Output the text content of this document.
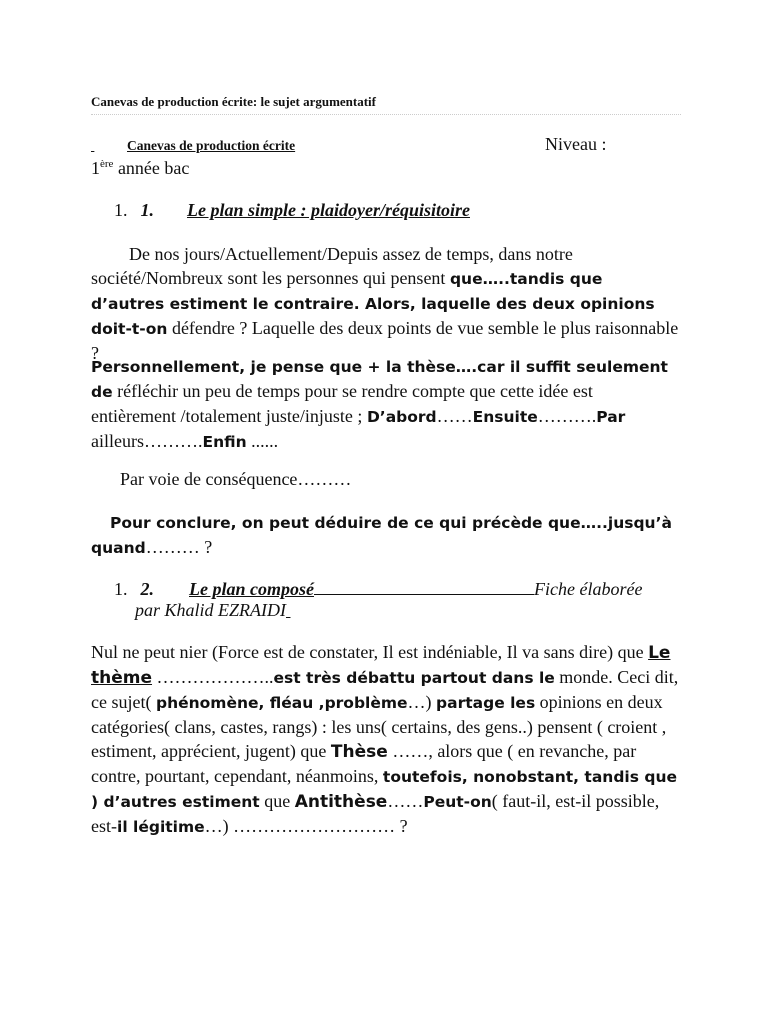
Canevas de production écrite: le sujet argumentatif
Canevas de production écrite	Niveau :
1ère année bac
1. 1. Le plan simple : plaidoyer/réquisitoire
De nos jours/Actuellement/Depuis assez de temps, dans notre société/Nombreux sont les personnes qui pensent que…..tandis que d’autres estiment le contraire. Alors, laquelle des deux opinions doit-t-on défendre ? Laquelle des deux points de vue semble le plus raisonnable ?
Personnellement, je pense que + la thèse….car il suffit seulement de réfléchir un peu de temps pour se rendre compte que cette idée est entièrement /totalement juste/injuste ; D’abord……Ensuite……….Par ailleurs……….Enfin ......
Par voie de conséquence………
Pour conclure, on peut déduire de ce qui précède que…..jusqu’à quand……… ?
1. 2. Le plan composé	Fiche élaborée
par Khalid EZRAIDI
Nul ne peut nier (Force est de constater, Il est indéniable, Il va sans dire) que Le thème ………………..est très débattu partout dans le monde. Ceci dit, ce sujet( phénomène, fléau ,problème…) partage les opinions en deux catégories( clans, castes, rangs) : les uns( certains, des gens..) pensent ( croient , estiment, apprécient, jugent) que Thèse ……, alors que ( en revanche, par contre, pourtant, cependant, néanmoins, toutefois, nonobstant, tandis que ) d’autres estiment que Antithèse……Peut-on( faut-il, est-il possible, est-il légitime…) ……………………… ?
